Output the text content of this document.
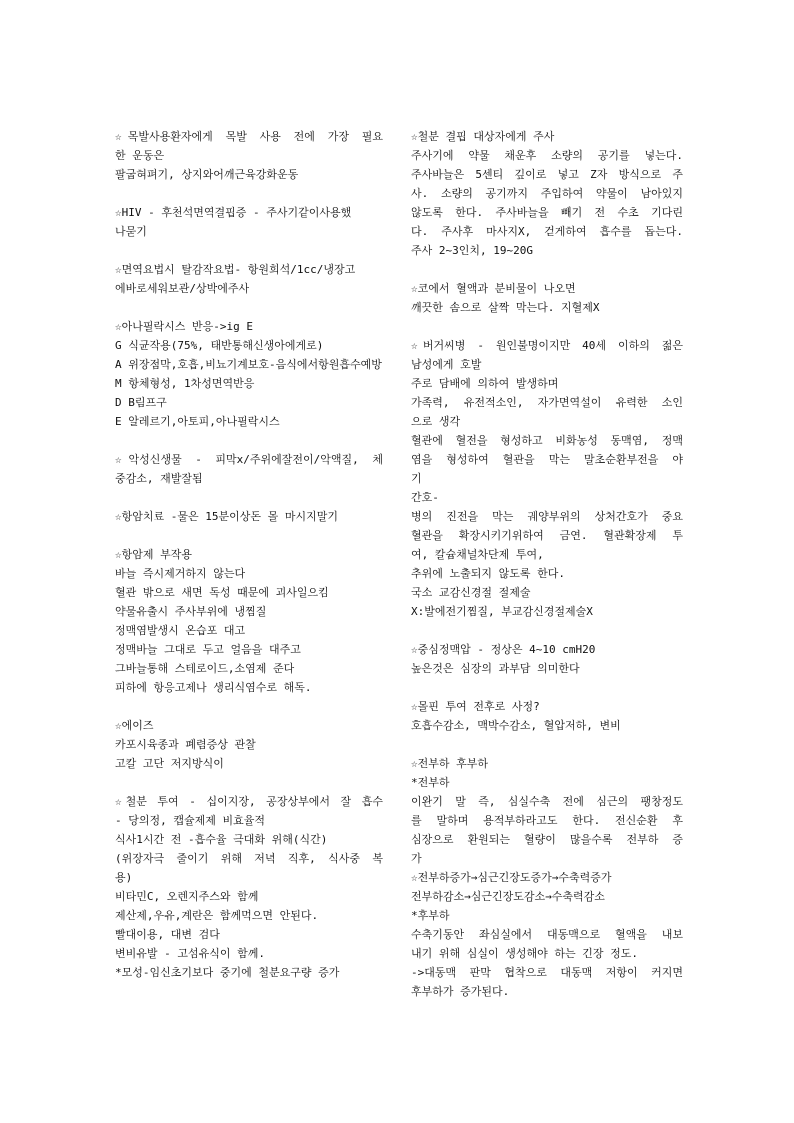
☆목발사용환자에게 목발 사용 전에 가장 필요
한 운동은
팔굽혀펴기, 상지와어깨근육강화운동
☆HIV - 후천석면역결핍증 - 주사기같이사용했
나묻기
☆면역요법시 탈감작요법- 항원희석/1cc/냉장고
에바로세워보관/상박에주사
☆아나필락시스 반응->ig E
G 식균작용(75%, 태반통해신생아에게로)
A 위장점막,호흡,비뇨기계보호-음식에서항원흡수예방
M 항체형성, 1차성면역반응
D B림프구
E 알레르기,아토피,아나필락시스
☆악성신생물 - 피막x/주위에잘전이/악액질, 체
중감소, 재발잘됨
☆항암치료 -물은 15분이상돈 몰 마시지말기
☆항암제 부작용
바늘 즉시제거하지 않는다
혈관 밖으로 새면 독성 때문에 괴사일으킴
약물유출시 주사부위에 냉찜질
정맥염발생시 온습포 대고
정맥바늘 그대로 두고 얼음을 대주고
그바늘통해 스테로이드,소염제 준다
피하에 항응고제나 생리식염수로 해독.
☆에이즈
카포시육종과 폐렴증상 관찰
고칼 고단 저지방식이
☆철분 투여 - 십이지장, 공장상부에서 잘 흡수
- 당의정, 캡슐제제 비효율적
식사1시간 전 -흡수율 극대화 위해(식간)
(위장자극 줄이기 위해 저녁 직후, 식사중 복
용)
비타민C, 오렌지주스와 함께
제산제,우유,계란은 함께먹으면 안된다.
빨대이용, 대변 검다
변비유발 - 고섬유식이 함께.
*모성-임신초기보다 중기에 철분요구량 증가
☆철분 결핍 대상자에게 주사
주사기에 약물 채운후 소량의 공기를 넣는다.
주사바늘은 5센티 깊이로 넣고 Z자 방식으로 주
사. 소량의 공기까지 주입하여 약물이 남아있지
않도록 한다. 주사바늘을 빼기 전 수초 기다린
다. 주사후 마사지X, 걷게하여 흡수를 돕는다.
주사 2~3인치, 19~20G
☆코에서 혈액과 분비물이 나오면
깨끗한 솜으로 살짝 막는다. 지혈제X
☆버거씨병 - 원인불명이지만 40세 이하의 젊은
남성에게 호발
주로 담배에 의하여 발생하며
가족력, 유전적소인, 자가면역설이 유력한 소인
으로 생각
혈관에 혈전을 형성하고 비화농성 동맥염, 정맥
염을 형성하여 혈관을 막는 말초순환부전을 야
기
간호-
병의 진전을 막는 궤양부위의 상처간호가 중요
혈관을 확장시키기위하여 금연. 혈관확장제 투
여, 칼슘채널차단제 투여,
추위에 노출되지 않도록 한다.
국소 교감신경절 절제술
X:발에전기찜질, 부교감신경절제술X
☆중심정맥압 - 정상은 4~10 cmH20
높은것은 심장의 과부담 의미한다
☆몰핀 투여 전후로 사정?
호흡수감소, 맥박수감소, 혈압저하, 변비
☆전부하 후부하
*전부하
이완기 말 즉, 심실수축 전에 심근의 팽창정도
를 말하며 용적부하라고도 한다. 전신순환 후
심장으로 환원되는 혈량이 많을수록 전부하 증
가
☆전부하증가→심근긴장도증가→수축력증가
전부하감소→심근긴장도감소→수축력감소
*후부하
수축기동안 좌심실에서 대동맥으로 혈액을 내보
내기 위해 심실이 생성해야 하는 긴장 정도.
->대동맥 판막 협착으로 대동맥 저항이 커지면
후부하가 증가된다.
